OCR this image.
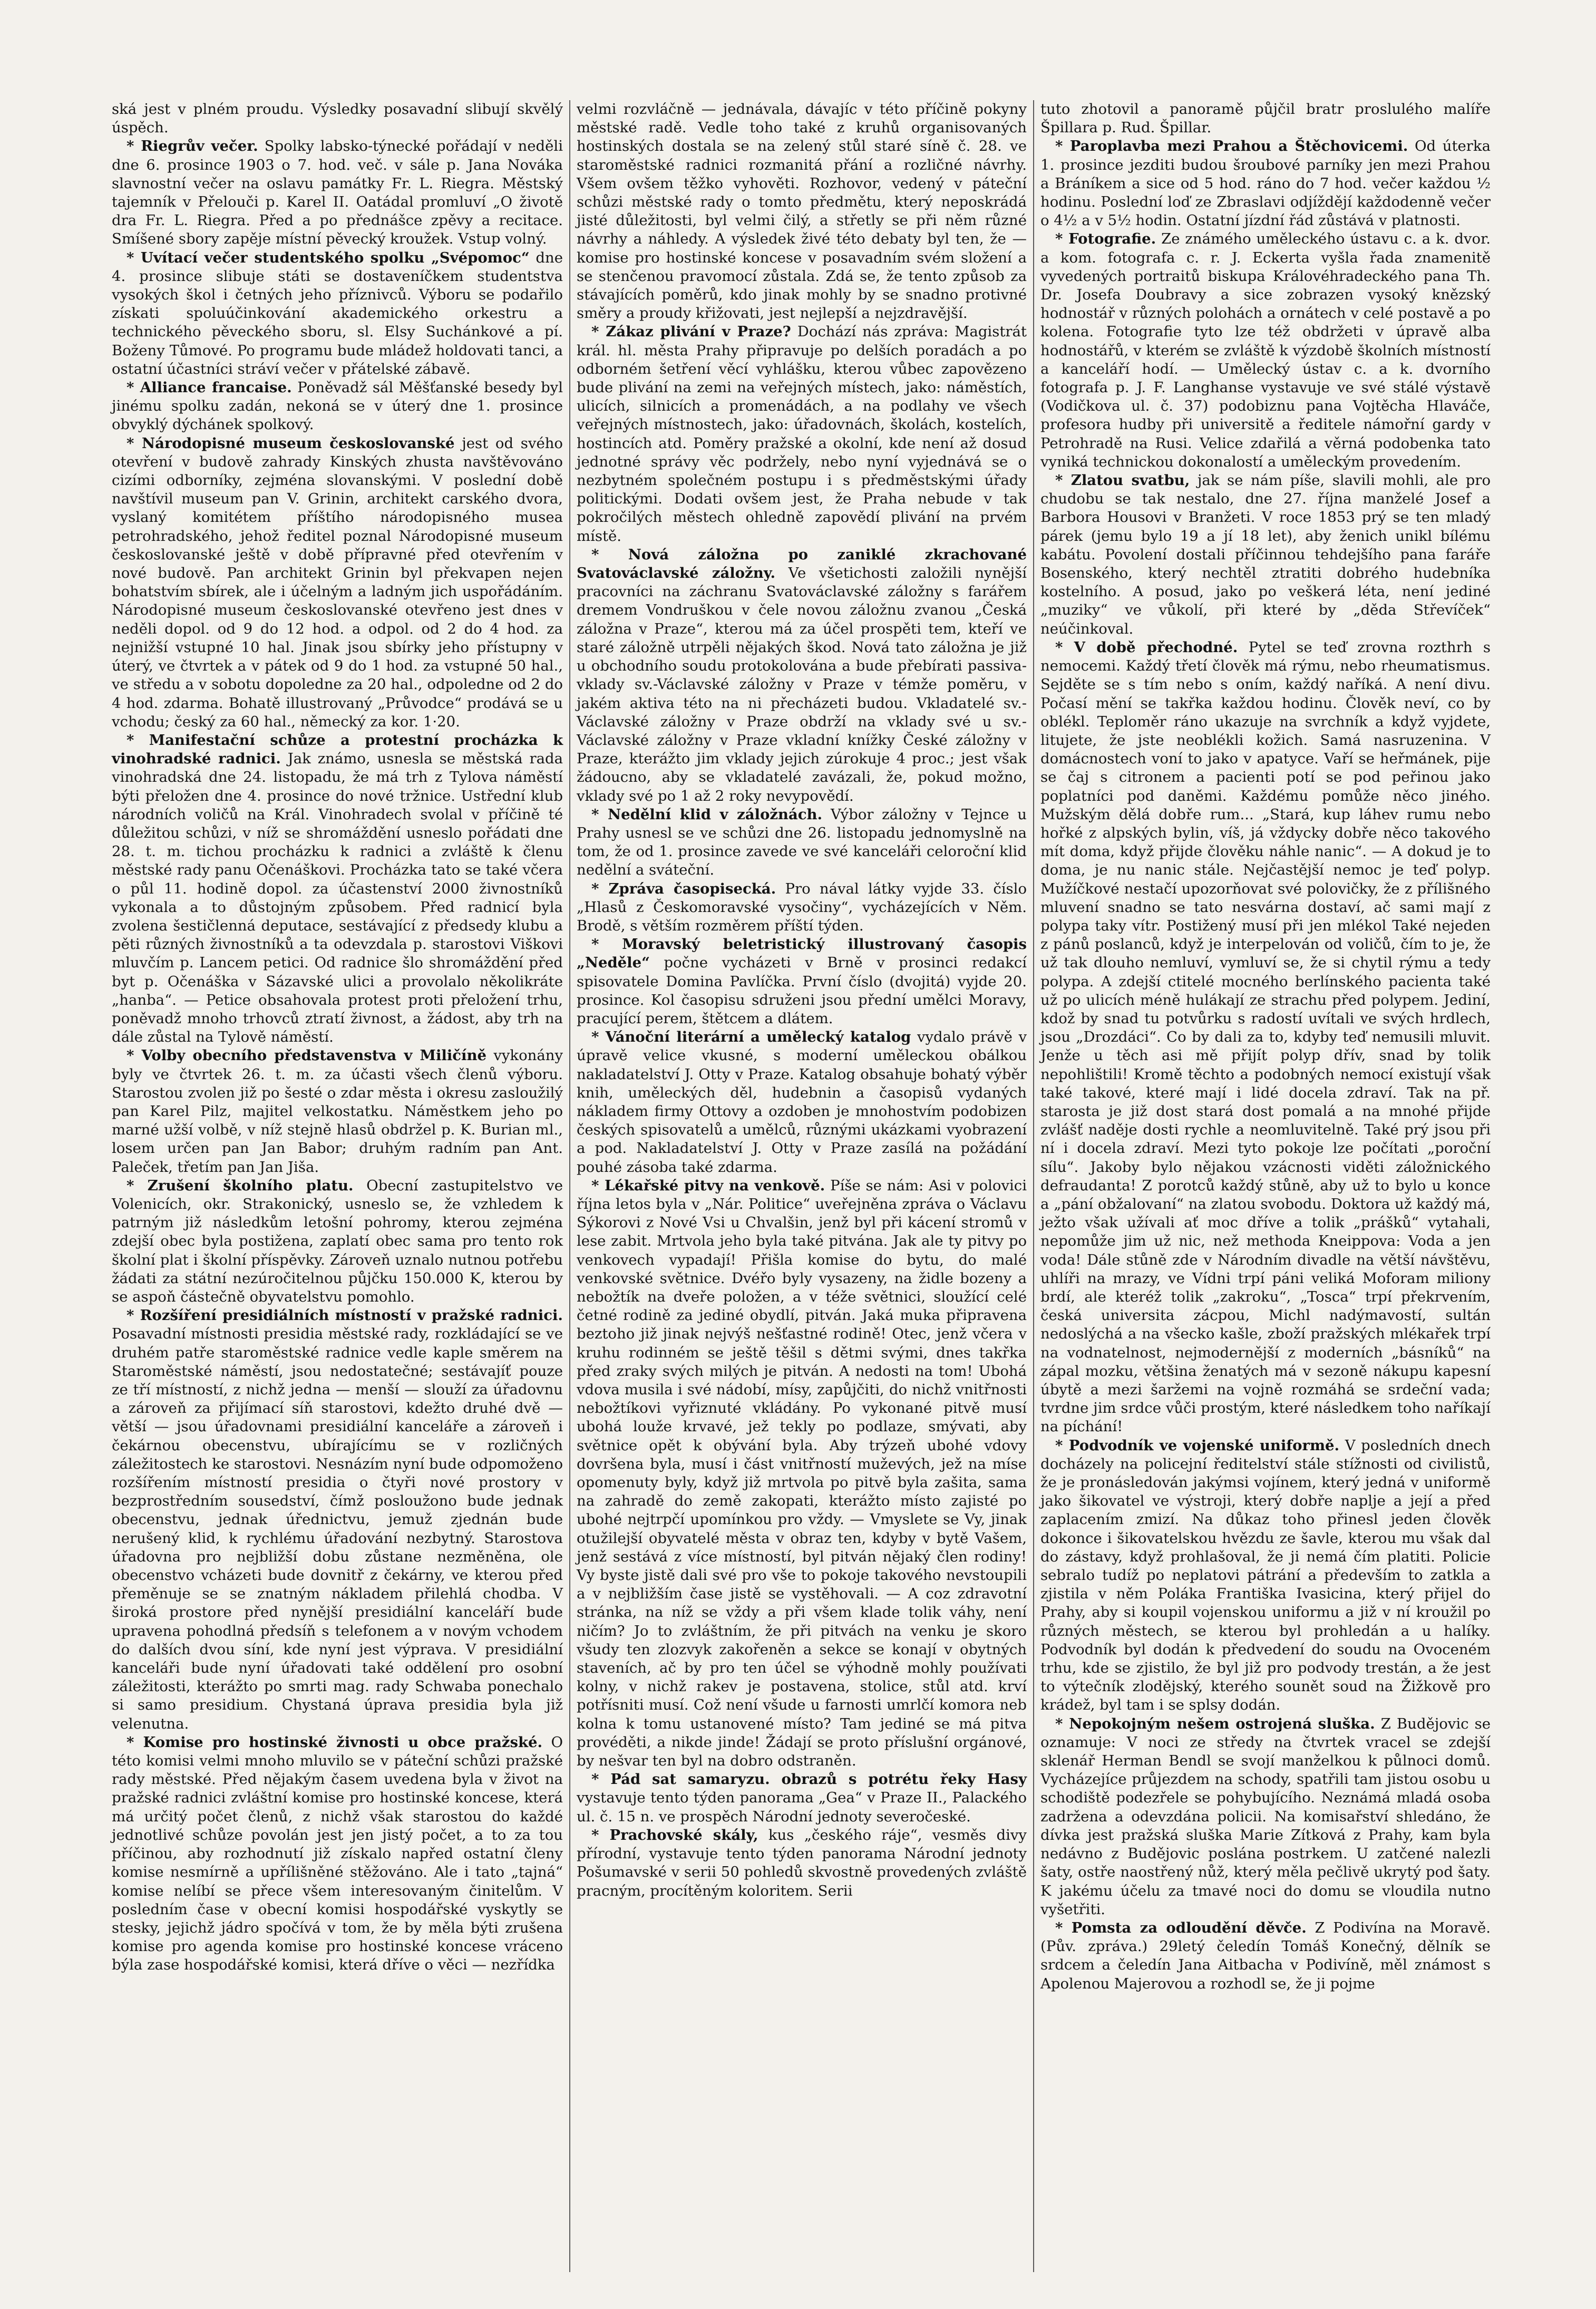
ská jest v plném proudu. Výsledky posavadní slibují skvělý úspěch.

* Riegrův večer. Spolky labsko-týnecké pořádají v neděli dne 6. prosince 1903 o 7. hod. več. v sále p. Jana Nováka slavnostní večer na oslavu památky Fr. L. Riegra. Městský tajemník v Přelouči p. Karel II. Oatádal promluví „O životě dra Fr. L. Riegra. Před a po přednášce zpěvy a recitace. Smíšené sbory zapěje místní pěvecký kroužek. Vstup volný.

* Uvítací večer studentského spolku „Svépomoc“ dne 4. prosince slibuje státi se dostaveníčkem studentstva vysokých škol i četných jeho příznivců. Výboru se podařilo získati spoluúčinkování akademického orkestru a technického pěveckého sboru, sl. Elsy Suchánkové a pí. Boženy Tůmové. Po programu bude mládež holdovati tanci, a ostatní účastníci stráví večer v přátelské zábavě.

* Alliance francaise. Poněvadž sál Měšťanské besedy byl jinému spolku zadán, nekoná se v úterý dne 1. prosince obvyklý dýchánek spolkový.

* Národopisné museum českoslovanské jest od svého otevření v budově zahrady Kinských zhusta navštěvováno cizími odborníky, zejména slovanskými. V poslední době navštívil museum pan V. Grinin, architekt carského dvora, vyslaný komitétem příštího národopisného musea petrohradského, jehož ředitel poznal Národopisné museum českoslovanské ještě v době přípravné před otevřením v nové budově. Pan architekt Grinin byl překvapen nejen bohatstvím sbírek, ale i účelným a ladným jich uspořádáním. Národopisné museum českoslovanské otevřeno jest dnes v neděli dopol. od 9 do 12 hod. a odpol. od 2 do 4 hod. za nejnižší vstupné 10 hal. Jinak jsou sbírky jeho přístupny v úterý, ve čtvrtek a v pátek od 9 do 1 hod. za vstupné 50 hal., ve středu a v sobotu dopoledne za 20 hal., odpoledne od 2 do 4 hod. zdarma. Bohatě illustrovaný „Průvodce“ prodává se u vchodu; český za 60 hal., německý za kor. 1·20.

* Manifestační schůze a protestní procházka k vinohradské radnici. Jak známo, usnesla se městská rada vinohradská dne 24. listopadu, že má trh z Tylova náměstí býti přeložen dne 4. prosince do nové tržnice. Ustřední klub národních voličů na Král. Vinohradech svolal v příčině té důležitou schůzi, v níž se shromáždění usneslo pořádati dne 28. t. m. tichou procházku k radnici a zvláště k členu městské rady panu Očenáškovi. Procházka tato se také včera o půl 11. hodině dopol. za účastenství 2000 živnostníků vykonala a to důstojným způsobem. Před radnicí byla zvolena šestičlenná deputace, sestávající z předsedy klubu a pěti různých živnostníků a ta odevzdala p. starostovi Viškovi mluvčím p. Lancem petici. Od radnice šlo shromáždění před byt p. Očenáška v Sázavské ulici a provolalo několikráte „hanba“. — Petice obsahovala protest proti přeložení trhu, poněvadž mnoho trhovců ztratí živnost, a žádost, aby trh na dále zůstal na Tylově náměstí.

* Volby obecního představenstva v Miličíně vykonány byly ve čtvrtek 26. t. m. za účasti všech členů výboru. Starostou zvolen již po šesté o zdar města i okresu zasloužilý pan Karel Pilz, majitel velkostatku. Náměstkem jeho po marné užší volbě, v níž stejně hlasů obdržel p. K. Burian ml., losem určen pan Jan Babor; druhým radním pan Ant. Paleček, třetím pan Jan Jiša.

* Zrušení školního platu. Obecní zastupitelstvo ve Volenicích, okr. Strakonický, usneslo se, že vzhledem k patrným již následkům letošní pohromy, kterou zejména zdejší obec byla postižena, zaplatí obec sama pro tento rok školní plat i školní příspěvky. Zároveň uznalo nutnou potřebu žádati za státní nezúročitelnou půjčku 150.000 K, kterou by se aspoň částečně obyvatelstvu pomohlo.

* Rozšíření presidiálních místností v pražské radnici. Posavadní místnosti presidia městské rady, rozkládající se ve druhém patře staroměstské radnice vedle kaple směrem na Staroměstské náměstí, jsou nedostatečné; sestávajíť pouze ze tří místností, z nichž jedna — menší — slouží za úřadovnu a zároveň za přijímací síň starostovi, kdežto druhé dvě — větší — jsou úřadovnami presidiální kanceláře a zároveň i čekárnou obecenstvu, ubírajícímu se v rozličných záležitostech ke starostovi. Nesnázím nyní bude odpomoženo rozšířením místností presidia o čtyři nové prostory v bezprostředním sousedství, čímž posloužono bude jednak obecenstvu, jednak úřednictvu, jemuž zjednán bude nerušený klid, k rychlému úřadování nezbytný. Starostova úřadovna pro nejbližší dobu zůstane nezměněna, ole obecenstvo vcházeti bude dovnitř z čekárny, ve kterou před přeměnuje se se znatným nákladem přilehlá chodba. V široká prostore před nynější presidiální kanceláří bude upravena pohodlná předsíň s telefonem a v novým vchodem do dalších dvou síní, kde nyní jest výprava. V presidiální kanceláři bude nyní úřadovati také oddělení pro osobní záležitosti, kterážto po smrti mag. rady Schwaba ponechalo si samo presidium. Chystaná úprava presidia byla již velenutna.

* Komise pro hostinské živnosti u obce pražské. O této komisi velmi mnoho mluvilo se v páteční schůzi pražské rady městské. Před nějakým časem uvedena byla v život na pražské radnici zvláštní komise pro hostinské koncese, která má určitý počet členů, z nichž však starostou do každé jednotlivé schůze povolán jest jen jistý počet, a to za tou příčinou, aby rozhodnutí již získalo napřed ostatní členy komise nesmírně a upřílišněné stěžováno. Ale i tato „tajná“ komise nelíbí se přece všem interesovaným činitelům. V posledním čase v obecní komisi hospodářské vyskytly se stesky, jejichž jádro spočívá v tom, že by měla býti zrušena komise pro agenda komise pro hostinské koncese vráceno býla zase hospodářské komisi, která dříve o věci — nezřídka

velmi rozvláčně — jednávala, dávajíc v této příčině pokyny městské radě. Vedle toho také z kruhů organisovaných hostinských dostala se na zelený stůl staré síně č. 28. ve staroměstské radnici rozmanitá přání a rozličné návrhy. Všem ovšem těžko vyhověti. Rozhovor, vedený v páteční schůzi městské rady o tomto předmětu, který neposkrádá jisté důležitosti, byl velmi čilý, a střetly se při něm různé návrhy a náhledy. A výsledek živé této debaty byl ten, že — komise pro hostinské koncese v posavadním svém složení a se stenčenou pravomocí zůstala. Zdá se, že tento způsob za stávajících poměrů, kdo jinak mohly by se snadno protivné směry a proudy křižovati, jest nejlepší a nejzdravější.

* Zákaz plivání v Praze? Dochází nás zpráva: Magistrát král. hl. města Prahy připravuje po delších poradách a po odborném šetření věcí vyhlášku, kterou vůbec zapovězeno bude plivání na zemi na veřejných místech, jako: náměstích, ulicích, silnicích a promenádách, a na podlahy ve všech veřejných místnostech, jako: úřadovnách, školách, kostelích, hostincích atd. Poměry pražské a okolní, kde není až dosud jednotné správy věc podržely, nebo nyní vyjednává se o nezbytném společném postupu i s předměstskými úřady politickými. Dodati ovšem jest, že Praha nebude v tak pokročilých městech ohledně zapovědí plivání na prvém místě.

* Nová záložna po zaniklé zkrachované Svatováclavské záložny. Ve všetichosti založili nynější pracovníci na záchranu Svatováclavské záložny s farářem dremem Vondruškou v čele novou záložnu zvanou „Česká záložna v Praze“, kterou má za účel prospěti tem, kteří ve staré záložně utrpěli nějakých škod. Nová tato záložna je již u obchodního soudu protokolována a bude přebírati passiva-vklady sv.-Václavské záložny v Praze v témže poměru, v jakém aktiva této na ni přecházeti budou. Vkladatelé sv.-Václavské záložny v Praze obdrží na vklady své u sv.-Václavské záložny v Praze vkladní knížky České záložny v Praze, kterážto jim vklady jejich zúrokuje 4 proc.; jest však žádoucno, aby se vkladatelé zavázali, že, pokud možno, vklady své po 1 až 2 roky nevypovědí.

* Nedělní klid v záložnách. Výbor záložny v Tejnce u Prahy usnesl se ve schůzi dne 26. listopadu jednomyslně na tom, že od 1. prosince zavede ve své kanceláři celoroční klid nedělní a sváteční.

* Zpráva časopisecká. Pro nával látky vyjde 33. číslo „Hlasů z Českomoravské vysočiny“, vycházejících v Něm. Brodě, s větším rozměrem příští týden.

* Moravský beletristický illustrovaný časopis „Neděle“ počne vycházeti v Brně v prosinci redakcí spisovatele Domina Pavlíčka. První číslo (dvojitá) vyjde 20. prosince. Kol časopisu sdruženi jsou přední umělci Moravy, pracující perem, štětcem a dlátem.

* Vánoční literární a umělecký katalog vydalo právě v úpravě velice vkusné, s moderní uměleckou obálkou nakladatelství J. Otty v Praze. Katalog obsahuje bohatý výběr knih, uměleckých děl, hudebnin a časopisů vydaných nákladem firmy Ottovy a ozdoben je mnohostvím podobizen českých spisovatelů a umělců, různými ukázkami vyobrazení a pod. Nakladatelství J. Otty v Praze zasílá na požádání pouhé zásoba také zdarma.

* Lékařské pitvy na venkově. Píše se nám: Asi v polovici října letos byla v „Nár. Politice“ uveřejněna zpráva o Václavu Sýkorovi z Nové Vsi u Chvalšin, jenž byl při kácení stromů v lese zabit. Mrtvola jeho byla také pitvána. Jak ale ty pitvy po venkovech vypadají! Přišla komise do bytu, do malé venkovské světnice. Dvéřo byly vysazeny, na židle bozeny a nebožtík na dveře položen, a v téže světnici, sloužící celé četné rodině za jediné obydlí, pitván. Jaká muka připravena beztoho již jinak nejvýš nešťastné rodině! Otec, jenž včera v kruhu rodinném se ještě těšil s dětmi svými, dnes takřka před zraky svých milých je pitván. A nedosti na tom! Ubohá vdova musila i své nádobí, mísy, zapůjčiti, do nichž vnitřnosti nebožtíkovi vyřiznuté vkládány. Po vykonané pitvě musí ubohá louže krvavé, jež tekly po podlaze, smývati, aby světnice opět k obývání byla. Aby trýzeň ubohé vdovy dovršena byla, musí i část vnitřností muževých, jež na míse opomenuty byly, když již mrtvola po pitvě byla zašita, sama na zahradě do země zakopati, kterážto místo zajisté po ubohé nejtrpčí upomínkou pro vždy. — Vmyslete se Vy, jinak otužilejší obyvatelé města v obraz ten, kdyby v bytě Vašem, jenž sestává z více místností, byl pitván nějaký člen rodiny! Vy byste jistě dali své pro vše to pokoje takového nevstoupili a v nejbližším čase jistě se vystěhovali. — A coz zdravotní stránka, na níž se vždy a při všem klade tolik váhy, není ničím? Jo to zvláštním, že při pitvách na venku je skoro všudy ten zlozvyk zakořeněn a sekce se konají v obytných staveních, ač by pro ten účel se výhodně mohly používati kolny, v nichž rakev je postavena, stolice, stůl atd. krví potřísniti musí. Což není všude u farnosti umrlčí komora neb kolna k tomu ustanovené místo? Tam jediné se má pitva provéděti, a nikde jinde! Žádají se proto příslušní orgánové, by nešvar ten byl na dobro odstraněn.

* Pád sat samaryzu. obrazů s potrétu řeky Hasy vystavuje tento týden panorama „Gea“ v Praze II., Palackého ul. č. 15 n. ve prospěch Národní jednoty severočeské.

* Prachovské skály, kus „českého ráje“, vesměs divy přírodní, vystavuje tento týden panorama Národní jednoty Pošumavské v serii 50 pohledů skvostně provedených zvláště pracným, procítěným koloritem. Serii

tuto zhotovil a panoramě půjčil bratr proslulého malíře Špillara p. Rud. Špillar.

* Paroplavba mezi Prahou a Štěchovicemi. Od úterka 1. prosince jezditi budou šroubové parníky jen mezi Prahou a Bráníkem a sice od 5 hod. ráno do 7 hod. večer každou ½ hodinu. Poslední loď ze Zbraslavi odjíždějí každodenně večer o 4½ a v 5½ hodin. Ostatní jízdní řád zůstává v platnosti.

* Fotografie. Ze známého uměleckého ústavu c. a k. dvor. a kom. fotografa c. r. J. Eckerta vyšla řada znamenitě vyvedených portraitů biskupa Královéhradeckého pana Th. Dr. Josefa Doubravy a sice zobrazen vysoký knězský hodnostář v různých polohách a ornátech v celé postavě a po kolena. Fotografie tyto lze též obdržeti v úpravě alba hodnostářů, v kterém se zvláště k výzdobě školních místností a kanceláří hodí. — Umělecký ústav c. a k. dvorního fotografa p. J. F. Langhanse vystavuje ve své stálé výstavě (Vodičkova ul. č. 37) podobiznu pana Vojtěcha Hlaváče, profesora hudby při universitě a ředitele námořní gardy v Petrohradě na Rusi. Velice zdařilá a věrná podobenka tato vyniká technickou dokonalostí a uměleckým provedením.

* Zlatou svatbu, jak se nám píše, slavili mohli, ale pro chudobu se tak nestalo, dne 27. října manželé Josef a Barbora Housovi v Branžeti. V roce 1853 prý se ten mladý párek (jemu bylo 19 a jí 18 let), aby ženich unikl bílému kabátu. Povolení dostali příčinnou tehdejšího pana faráře Bosenského, který nechtěl ztratiti dobrého hudebníka kostelního. A posud, jako po veškerá léta, není jediné „muziky“ ve vůkolí, při které by „děda Střevíček“ neúčinkoval.

* V době přechodné. Pytel se teď zrovna rozthrh s nemocemi. Každý třetí člověk má rýmu, nebo rheumatismus. Sejděte se s tím nebo s oním, každý naříká. A není divu. Počasí mění se takřka každou hodinu. Člověk neví, co by oblékl. Teploměr ráno ukazuje na svrchník a když vyjdete, litujete, že jste neoblékli kožich. Samá nasruzenina. V domácnostech voní to jako v apatyce. Vaří se heřmánek, pije se čaj s citronem a pacienti potí se pod peřinou jako poplatníci pod daněmi. Každému pomůže něco jiného. Mužským dělá dobře rum... „Stará, kup láhev rumu nebo hořké z alpských bylin, víš, já vždycky dobře něco takového mít doma, když přijde člověku náhle nanic“. — A dokud je to doma, je nu nanic stále. Nejčastější nemoc je teď polyp. Mužíčkové nestačí upozorňovat své polovičky, že z přílišného mluvení snadno se tato nesvárna dostaví, ač sami mají z polypa taky vítr. Postižený musí při jen mlékol Také nejeden z pánů poslanců, když je interpelován od voličů, čím to je, že už tak dlouho nemluví, vymluví se, že si chytil rýmu a tedy polypa. A zdejší ctitelé mocného berlínského pacienta také už po ulicích méně hulákají ze strachu před polypem. Jediní, kdož by snad tu potvůrku s radostí uvítali ve svých hrdlech, jsou „Drozdáci“. Co by dali za to, kdyby teď nemusili mluvit. Jenže u těch asi mě přijít polyp dřív, snad by tolik nepohlištili! Kromě těchto a podobných nemocí existují však také takové, které mají i lidé docela zdraví. Tak na př. starosta je již dost stará dost pomalá a na mnohé přijde zvlášť naděje dosti rychle a neomluvitelně. Také prý jsou při ní i docela zdraví. Mezi tyto pokoje lze počítati „poroční sílu“. Jakoby bylo nějakou vzácnosti viděti záložnického defraudanta! Z porotců každý stůně, aby už to bylo u konce a „pání obžalovaní“ na zlatou svobodu. Doktora už každý má, ježto však užívali ať moc dříve a tolik „prášků“ vytahali, nepomůže jim už nic, než methoda Kneippova: Voda a jen voda! Dále stůně zde v Národním divadle na větší návštěvu, uhlíři na mrazy, ve Vídni trpí páni veliká Moforam miliony brdí, ale kteréž tolik „zakroku“, „Tosca“ trpí překrvením, česká universita zácpou, Michl nadýmavostí, sultán nedoslýchá a na všecko kašle, zboží pražských mlékařek trpí na vodnatelnost, nejmodernější z moderních „básníků“ na zápal mozku, většina ženatých má v sezoně nákupu kapesní úbytě a mezi šaržemi na vojně rozmáhá se srdeční vada; tvrdne jim srdce vůči prostým, které následkem toho naříkají na píchání!

* Podvodník ve vojenské uniformě. V posledních dnech docházely na policejní ředitelství stále stížnosti od civilistů, že je pronásledován jakýmsi vojínem, který jedná v uniformě jako šikovatel ve výstroji, který dobře naplje a její a před zaplacením zmizí. Na důkaz toho přinesl jeden člověk dokonce i šikovatelskou hvězdu ze šavle, kterou mu však dal do zástavy, když prohlašoval, že ji nemá čím platiti. Policie sebralo tudíž po neplatovi pátrání a především to zatkla a zjistila v něm Poláka Františka Ivasicina, který přijel do Prahy, aby si koupil vojenskou uniformu a již v ní kroužil po různých městech, se kterou byl prohledán a u halíky. Podvodník byl dodán k předvedení do soudu na Ovoceném trhu, kde se zjistilo, že byl již pro podvody trestán, a že jest to výtečník zlodějský, kterého sounět soud na Žižkově pro krádež, byl tam i se splsy dodán.

* Nepokojným nešem ostrojená sluška. Z Budějovic se oznamuje: V noci ze středy na čtvrtek vracel se zdejší sklenář Herman Bendl se svojí manželkou k půlnoci domů. Vycházejíce průjezdem na schody, spatřili tam jistou osobu u schodiště podezřele se pohybujícího. Neznámá mladá osoba zadržena a odevzdána policii. Na komisařství shledáno, že dívka jest pražská sluška Marie Zítková z Prahy, kam byla nedávno z Budějovic poslána postrkem. U zatčené nalezli šaty, ostře naostřený nůž, který měla pečlivě ukrytý pod šaty. K jakému účelu za tmavé noci do domu se vloudila nutno vyšetřiti.

* Pomsta za odloudění děvče. Z Podivína na Moravě. (Pův. zpráva.) 29letý čeledín Tomáš Konečný, dělník se srdcem a čeledín Jana Aitbacha v Podivíně, měl známost s Apolenou Majerovou a rozhodl se, že ji pojme
